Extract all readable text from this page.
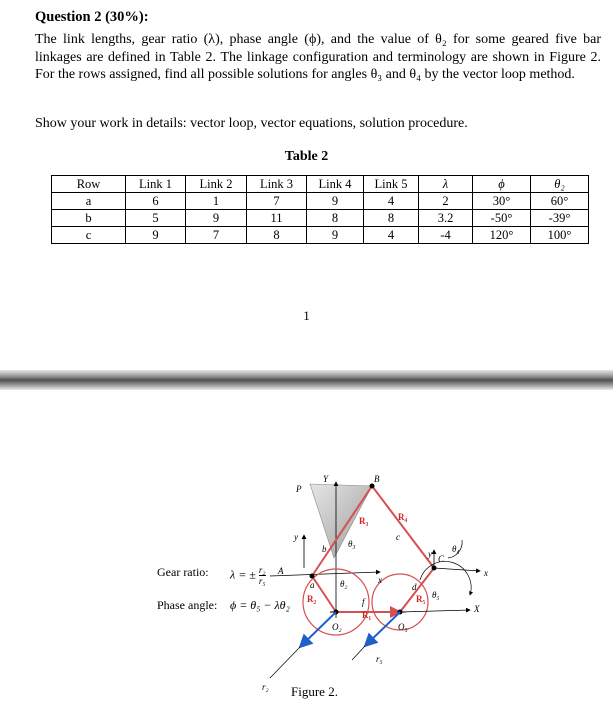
Question 2 (30%):
The link lengths, gear ratio (λ), phase angle (ϕ), and the value of θ₂ for some geared five bar linkages are defined in Table 2. The linkage configuration and terminology are shown in Figure 2. For the rows assigned, find all possible solutions for angles θ₃ and θ₄ by the vector loop method.
Show your work in details: vector loop, vector equations, solution procedure.
Table 2
Row	Link 1	Link 2	Link 3	Link 4	Link 5	λ	ϕ	θ₂
a	6	1	7	9	4	2	30°	60°
b	5	9	11	8	8	3.2	-50°	-39°
c	9	7	8	9	4	-4	120°	100°
1
Gear ratio: λ = ± $\frac{\text{r₂}}{\text{r₅}}$
Phase angle: ϕ = θ₅ − λθ₂
P
B
Y
y
A
x
C
x
X
y θ₄
θ₅
θ₃
θ₂
b
c
a	d
f
R₃	R₄
R₂
R₁
R₅
O₂	O₅
r₂
r₅
Figure 2.
